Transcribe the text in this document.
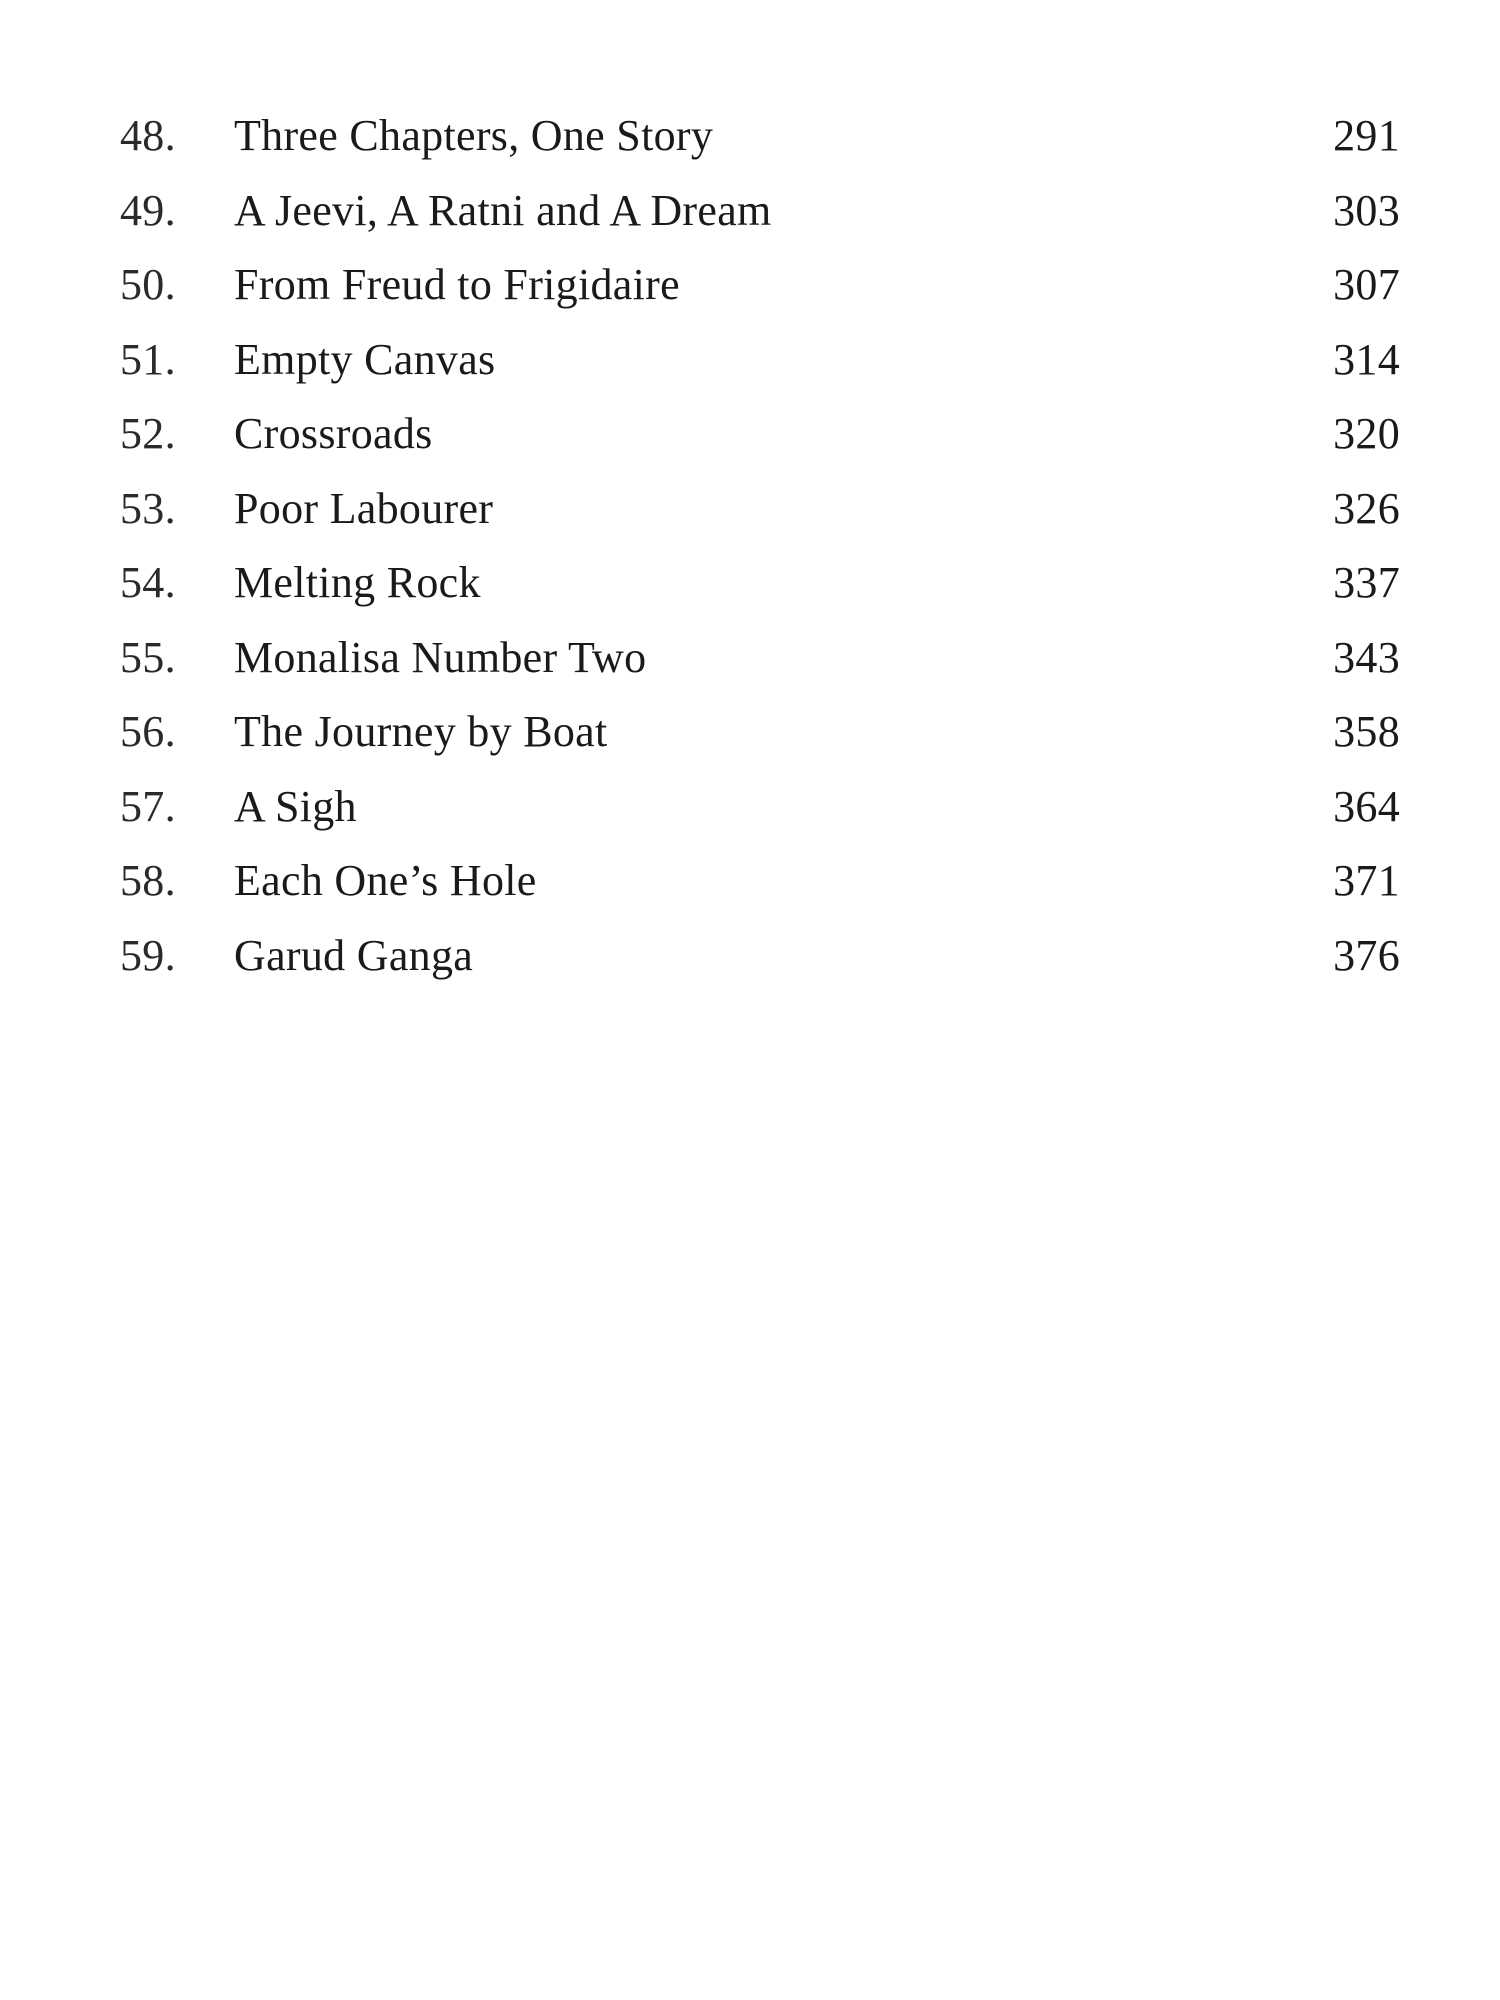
48.	Three Chapters, One Story	291
49.	A Jeevi, A Ratni and A Dream	303
50.	From Freud to Frigidaire	307
51.	Empty Canvas	314
52.	Crossroads	320
53.	Poor Labourer	326
54.	Melting Rock	337
55.	Monalisa Number Two	343
56.	The Journey by Boat	358
57.	A Sigh	364
58.	Each One’s Hole	371
59.	Garud Ganga	376
